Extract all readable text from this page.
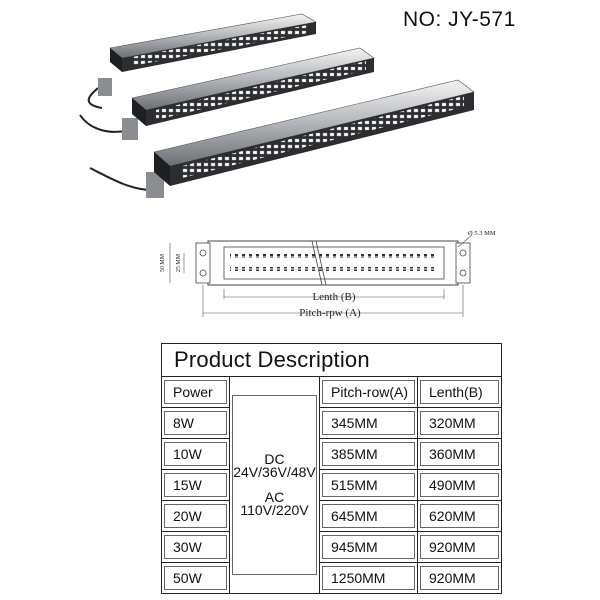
NO: JY-571
50 MM 25 MM
Ø 5.3 MM
Lenth (B)
Pitch-rpw (A)
Product Description			

Power	DC
24V/36V/48V
AC
110V/220V	Pitch-row(A)	Lenth(B)

8W		345MM	320MM

10W		385MM	360MM

15W		515MM	490MM

20W		645MM	620MM

30W		945MM	920MM

50W		1250MM	920MM
